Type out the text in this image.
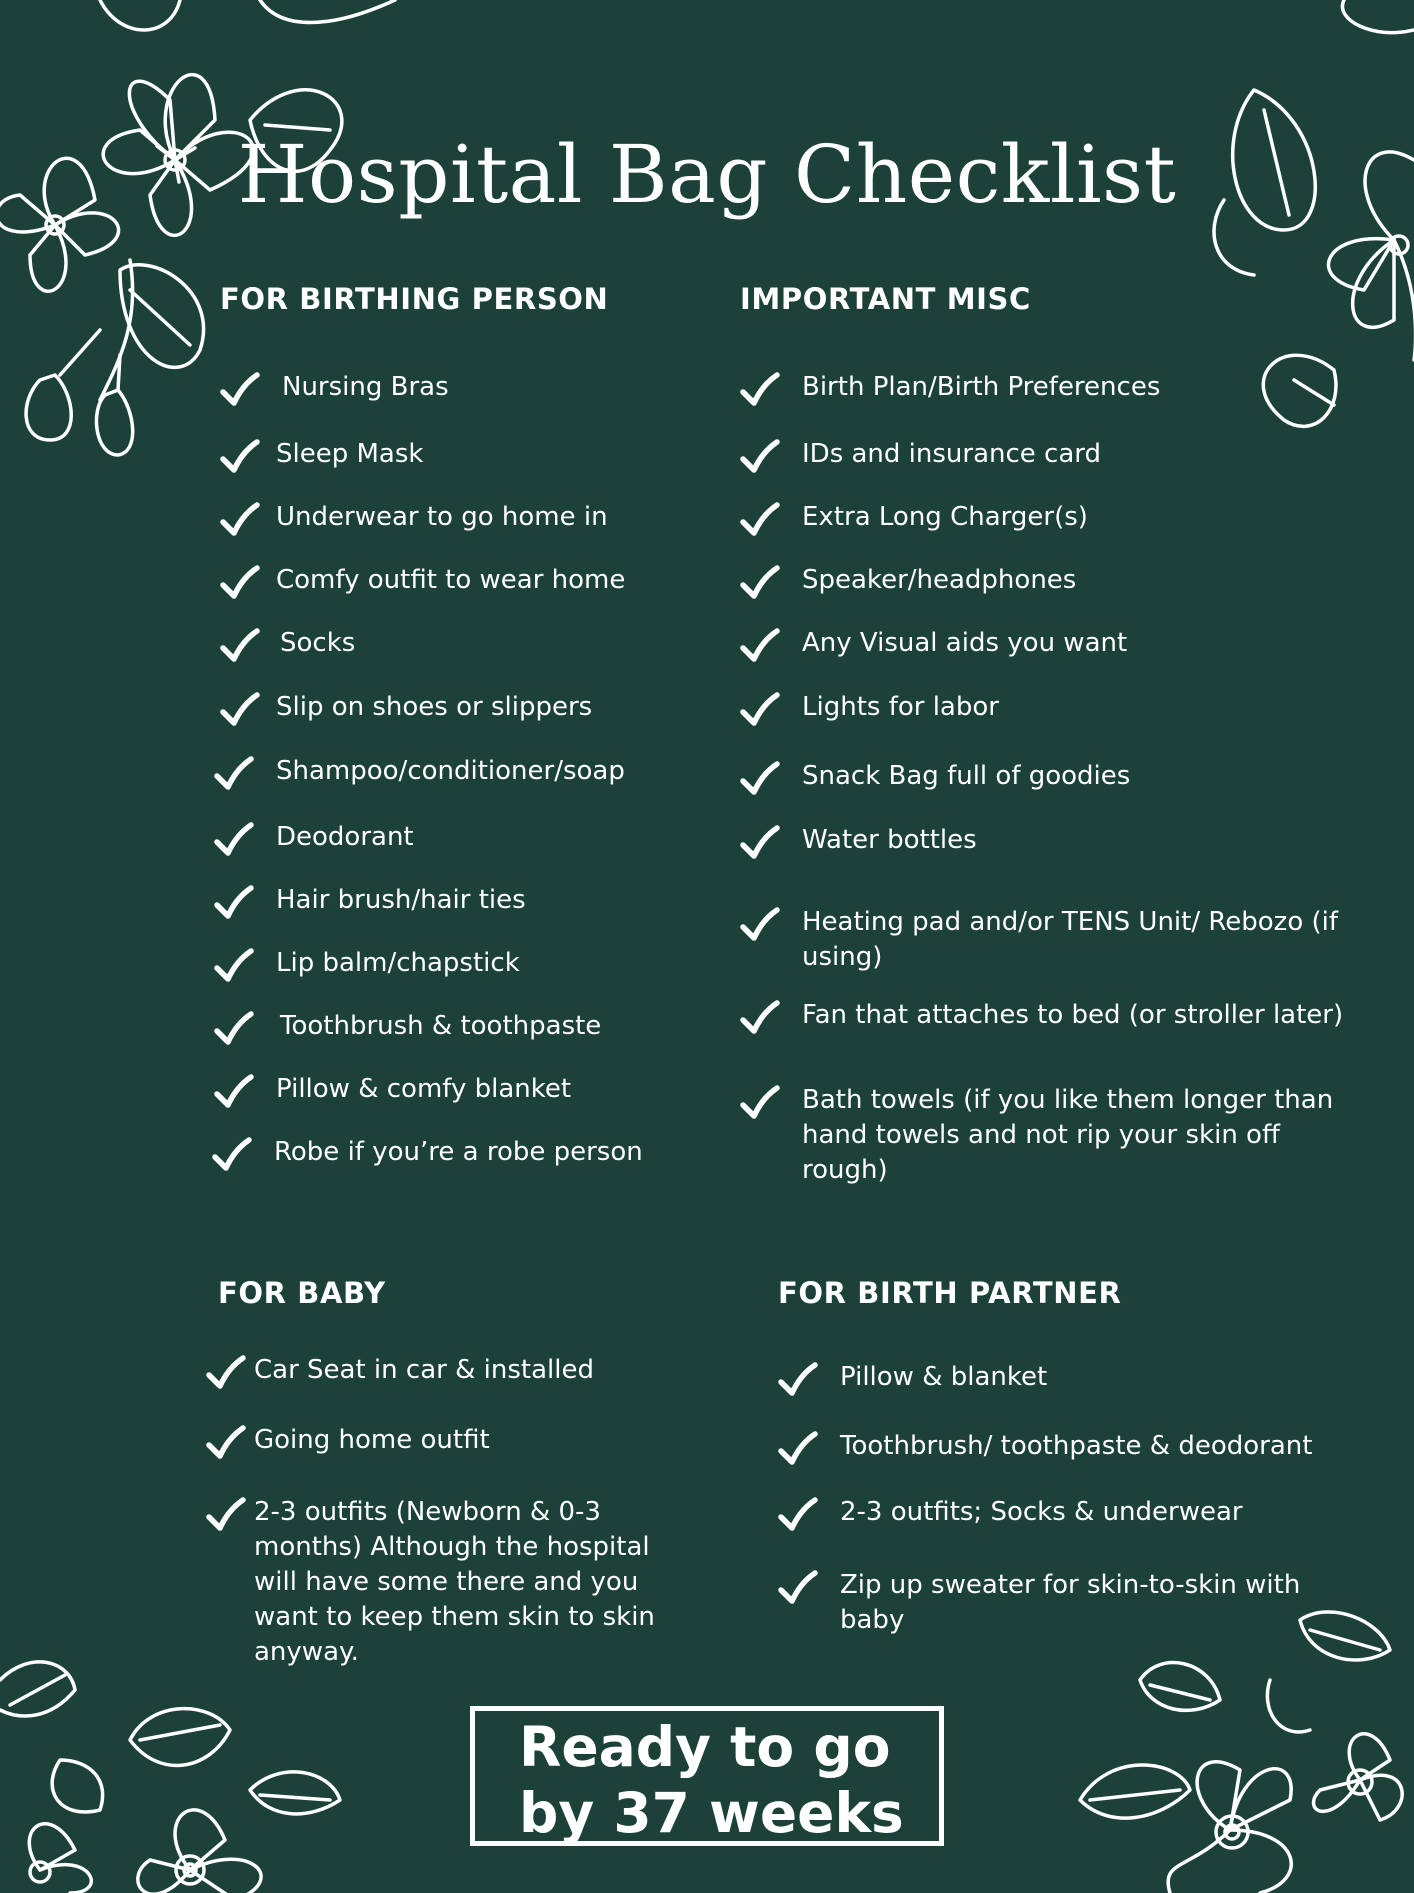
Hospital Bag Checklist
FOR BIRTHING PERSON
Nursing Bras
Sleep Mask
Underwear to go home in
Comfy outfit to wear home
Socks
Slip on shoes or slippers
Shampoo/conditioner/soap
Deodorant
Hair brush/hair ties
Lip balm/chapstick
Toothbrush & toothpaste
Pillow & comfy blanket
Robe if you’re a robe person
IMPORTANT MISC
Birth Plan/Birth Preferences
IDs and insurance card
Extra Long Charger(s)
Speaker/headphones
Any Visual aids you want
Lights for labor
Snack Bag full of goodies
Water bottles
Heating pad and/or TENS Unit/ Rebozo (if
using)
Fan that attaches to bed (or stroller later)
Bath towels (if you like them longer than
hand towels and not rip your skin off
rough)
FOR BABY
Car Seat in car & installed
Going home outfit
2-3 outfits (Newborn & 0-3
months) Although the hospital
will have some there and you
want to keep them skin to skin
anyway.
FOR BIRTH PARTNER
Pillow & blanket
Toothbrush/ toothpaste & deodorant
2-3 outfits; Socks & underwear
Zip up sweater for skin-to-skin with
baby
Ready to go
by 37 weeks
